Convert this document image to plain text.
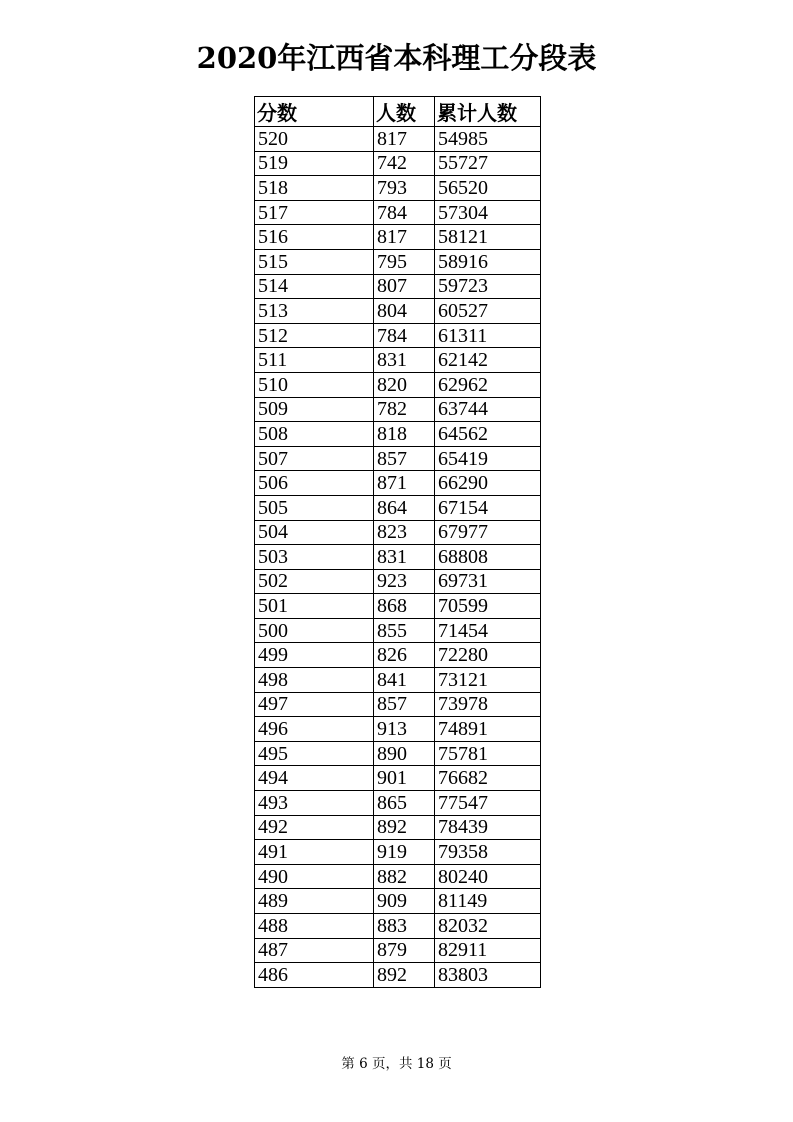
2020年江西省本科理工分段表
分数	人数	累计人数
520	817	54985
519	742	55727
518	793	56520
517	784	57304
516	817	58121
515	795	58916
514	807	59723
513	804	60527
512	784	61311
511	831	62142
510	820	62962
509	782	63744
508	818	64562
507	857	65419
506	871	66290
505	864	67154
504	823	67977
503	831	68808
502	923	69731
501	868	70599
500	855	71454
499	826	72280
498	841	73121
497	857	73978
496	913	74891
495	890	75781
494	901	76682
493	865	77547
492	892	78439
491	919	79358
490	882	80240
489	909	81149
488	883	82032
487	879	82911
486	892	83803
第 6 页，共 18 页
